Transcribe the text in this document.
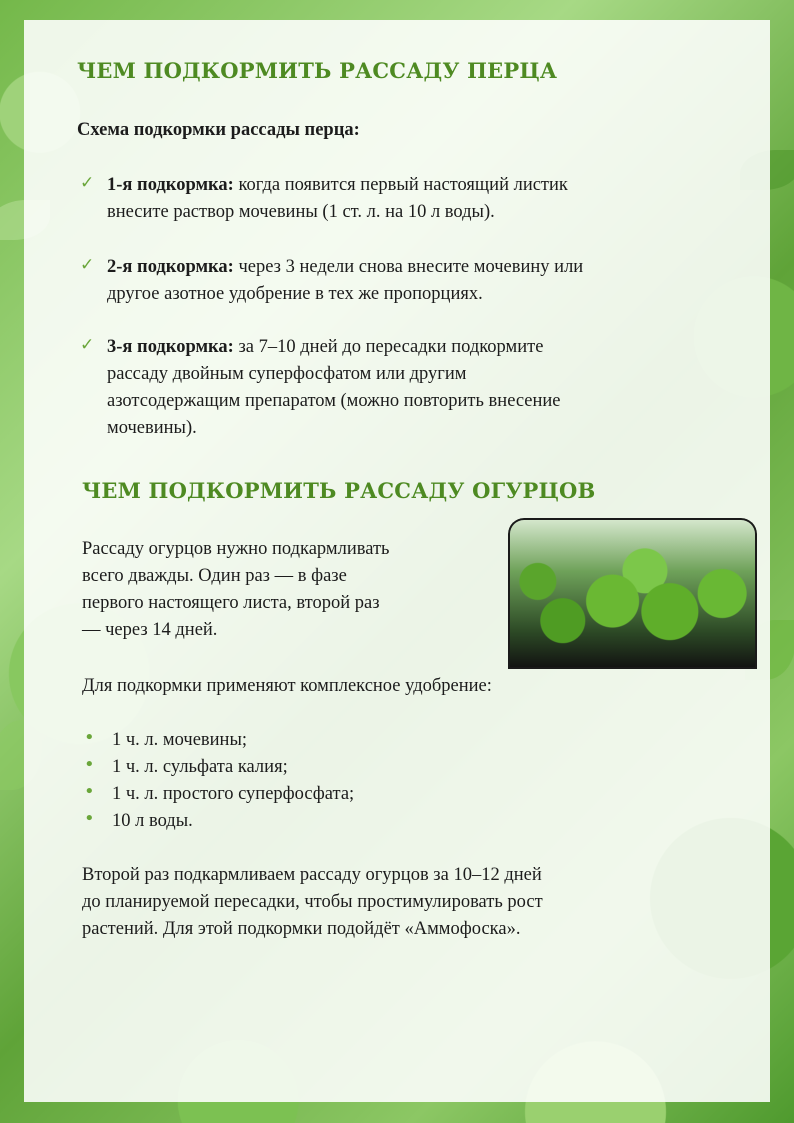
ЧЕМ ПОДКОРМИТЬ РАССАДУ ПЕРЦА

Схема подкормки рассады перца:

✓ 1-я подкормка: когда появится первый настоящий листик
внесите раствор мочевины (1 ст. л. на 10 л воды).

✓ 2-я подкормка: через 3 недели снова внесите мочевину или
другое азотное удобрение в тех же пропорциях.

✓ 3-я подкормка: за 7–10 дней до пересадки подкормите
рассаду двойным суперфосфатом или другим
азотсодержащим препаратом (можно повторить внесение
мочевины).

ЧЕМ ПОДКОРМИТЬ РАССАДУ ОГУРЦОВ

Рассаду огурцов нужно подкармливать
всего дважды. Один раз — в фазе
первого настоящего листа, второй раз
— через 14 дней.

Для подкормки применяют комплексное удобрение:

• 1 ч. л. мочевины;

• 1 ч. л. сульфата калия;

• 1 ч. л. простого суперфосфата;

• 10 л воды.

Второй раз подкармливаем рассаду огурцов за 10–12 дней
до планируемой пересадки, чтобы простимулировать рост
растений. Для этой подкормки подойдёт «Аммофоска».
